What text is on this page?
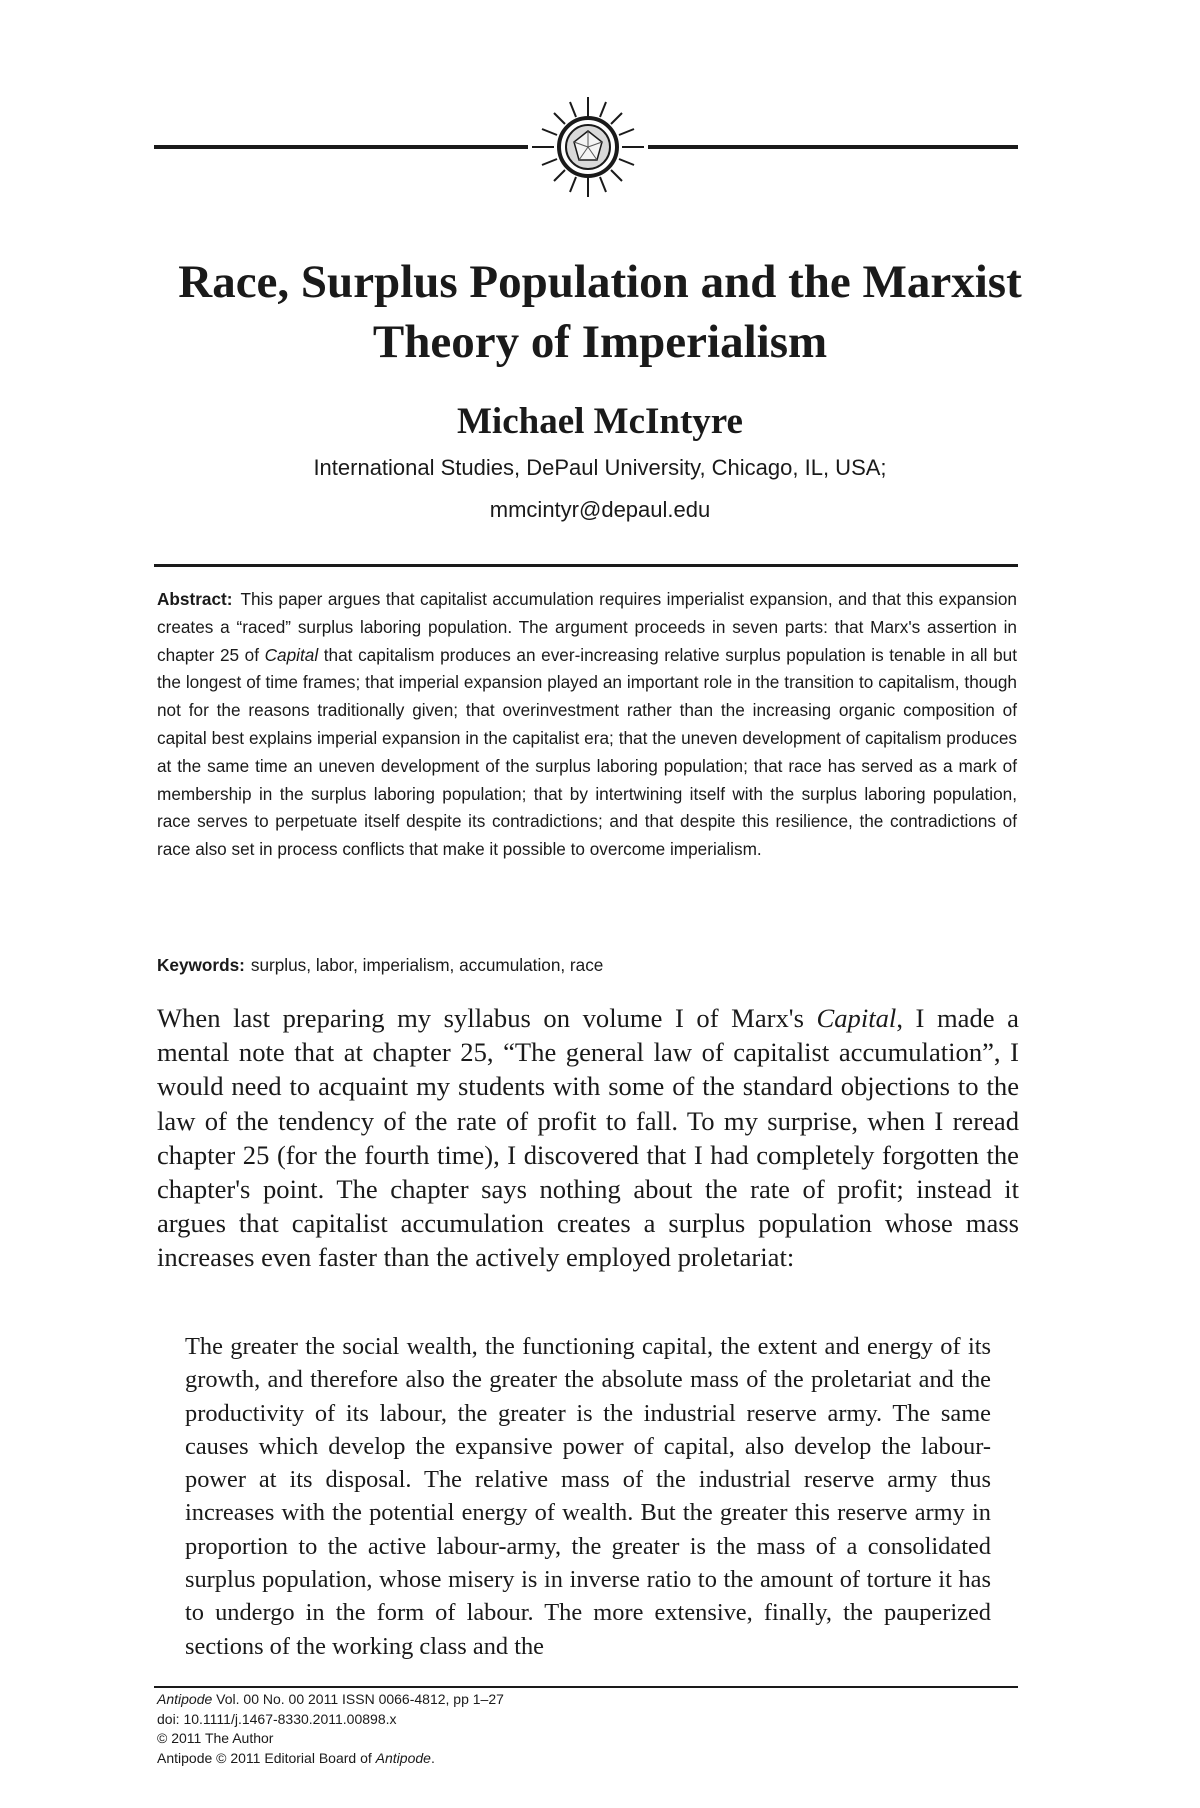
Race, Surplus Population and the Marxist Theory of Imperialism
Michael McIntyre

International Studies, DePaul University, Chicago, IL, USA;

mmcintyr@depaul.edu

Abstract: This paper argues that capitalist accumulation requires imperialist expansion, and that this expansion creates a “raced” surplus laboring population. The argument proceeds in seven parts: that Marx's assertion in chapter 25 of Capital that capitalism produces an ever-increasing relative surplus population is tenable in all but the longest of time frames; that imperial expansion played an important role in the transition to capitalism, though not for the reasons traditionally given; that overinvestment rather than the increasing organic composition of capital best explains imperial expansion in the capitalist era; that the uneven development of capitalism produces at the same time an uneven development of the surplus laboring population; that race has served as a mark of membership in the surplus laboring population; that by intertwining itself with the surplus laboring population, race serves to perpetuate itself despite its contradictions; and that despite this resilience, the contradictions of race also set in process conflicts that make it possible to overcome imperialism.

Keywords: surplus, labor, imperialism, accumulation, race

When last preparing my syllabus on volume I of Marx's Capital, I made a mental note that at chapter 25, “The general law of capitalist accumulation”, I would need to acquaint my students with some of the standard objections to the law of the tendency of the rate of profit to fall. To my surprise, when I reread chapter 25 (for the fourth time), I discovered that I had completely forgotten the chapter's point. The chapter says nothing about the rate of profit; instead it argues that capitalist accumulation creates a surplus population whose mass increases even faster than the actively employed proletariat:

The greater the social wealth, the functioning capital, the extent and energy of its growth, and therefore also the greater the absolute mass of the proletariat and the productivity of its labour, the greater is the industrial reserve army. The same causes which develop the expansive power of capital, also develop the labour-power at its disposal. The relative mass of the industrial reserve army thus increases with the potential energy of wealth. But the greater this reserve army in proportion to the active labour-army, the greater is the mass of a consolidated surplus population, whose misery is in inverse ratio to the amount of torture it has to undergo in the form of labour. The more extensive, finally, the pauperized sections of the working class and the

Antipode Vol. 00 No. 00 2011 ISSN 0066-4812, pp 1–27
doi: 10.1111/j.1467-8330.2011.00898.x
© 2011 The Author
Antipode © 2011 Editorial Board of Antipode.
